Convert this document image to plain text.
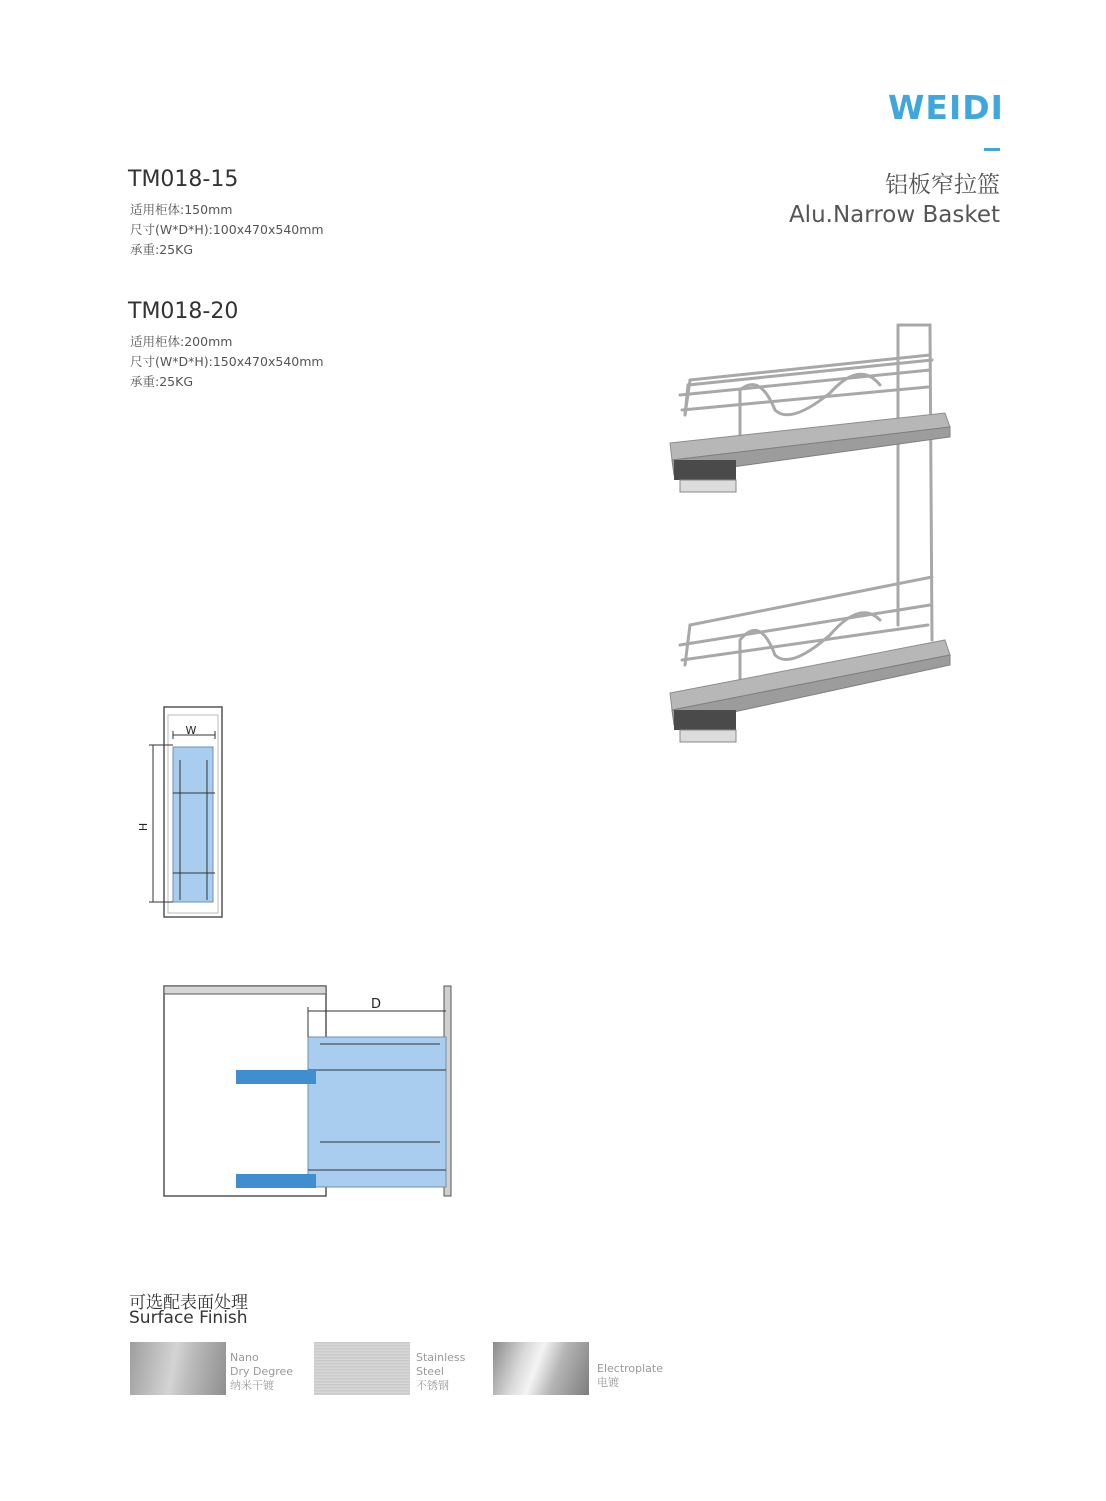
WEIDI
铝板窄拉篮
Alu.Narrow Basket
TM018-15
适用柜体:150mm
尺寸(W*D*H):100x470x540mm
承重:25KG
TM018-20
适用柜体:200mm
尺寸(W*D*H):150x470x540mm
承重:25KG
W
H
D
可选配表面处理
Surface Finish
Nano
Dry Degree
纳米干镀
Stainless
Steel
不锈钢
Electroplate
电镀
